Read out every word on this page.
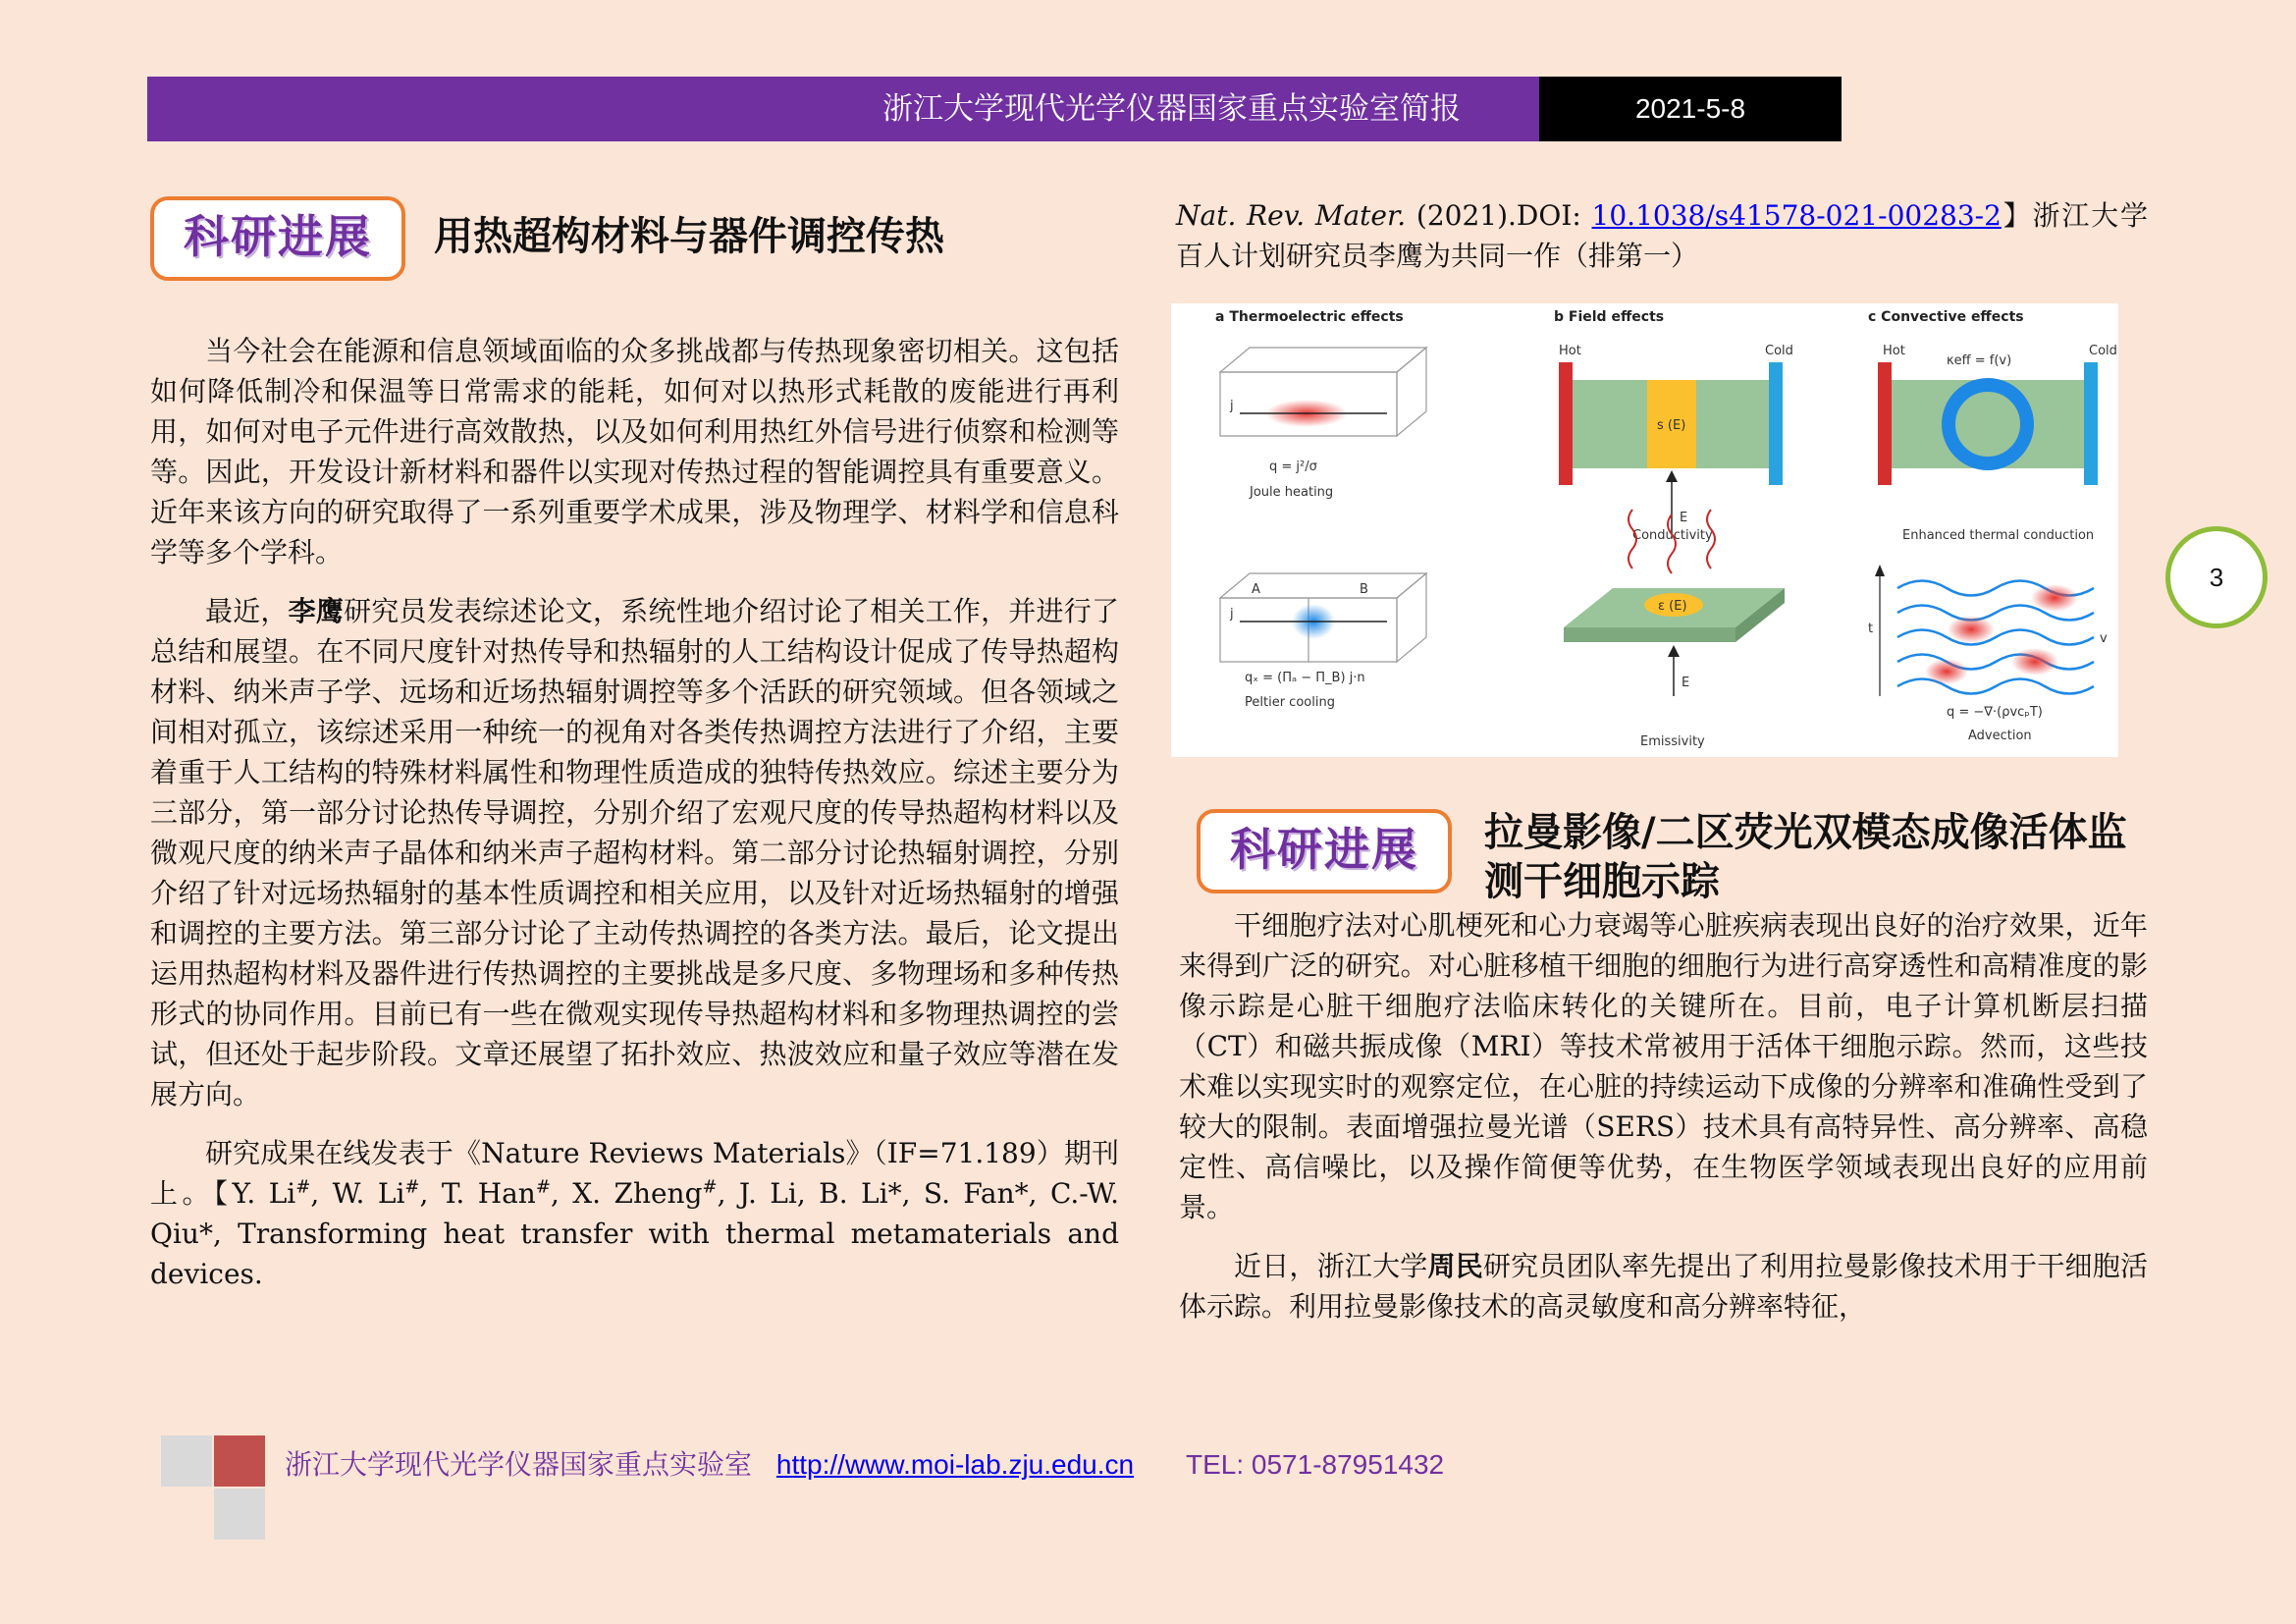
浙江大学现代光学仪器国家重点实验室简报	2021-5-8
科研进展	用热超构材料与器件调控传热

当今社会在能源和信息领域面临的众多挑战都与传热现象密切相关。这包括如何降低制冷和保温等日常需求的能耗，如何对以热形式耗散的废能进行再利用，如何对电子元件进行高效散热，以及如何利用热红外信号进行侦察和检测等等。因此，开发设计新材料和器件以实现对传热过程的智能调控具有重要意义。近年来该方向的研究取得了一系列重要学术成果，涉及物理学、材料学和信息科学等多个学科。

最近，李鹰研究员发表综述论文，系统性地介绍讨论了相关工作，并进行了总结和展望。在不同尺度针对热传导和热辐射的人工结构设计促成了传导热超构材料、纳米声子学、远场和近场热辐射调控等多个活跃的研究领域。但各领域之间相对孤立，该综述采用一种统一的视角对各类传热调控方法进行了介绍，主要着重于人工结构的特殊材料属性和物理性质造成的独特传热效应。综述主要分为三部分，第一部分讨论热传导调控，分别介绍了宏观尺度的传导热超构材料以及微观尺度的纳米声子晶体和纳米声子超构材料。第二部分讨论热辐射调控，分别介绍了针对远场热辐射的基本性质调控和相关应用，以及针对近场热辐射的增强和调控的主要方法。第三部分讨论了主动传热调控的各类方法。最后，论文提出运用热超构材料及器件进行传热调控的主要挑战是多尺度、多物理场和多种传热形式的协同作用。目前已有一些在微观实现传导热超构材料和多物理热调控的尝试，但还处于起步阶段。文章还展望了拓扑效应、热波效应和量子效应等潜在发展方向。

研究成果在线发表于《Nature Reviews Materials》（IF=71.189）期刊上。【Y. Li#, W. Li#, T. Han#, X. Zheng#, J. Li, B. Li*, S. Fan*, C.-W. Qiu*, Transforming heat transfer with thermal metamaterials and devices.

Nat. Rev. Mater. (2021).DOI: 10.1038/s41578-021-00283-2】浙江大学百人计划研究员李鹰为共同一作（排第一）

a Thermoelectric effects	b Field effects	c Convective effects
j
q = j²/σ
Joule heating
j
A	B
qₓ = (Πₐ − Π_B) j·n
Peltier cooling
Hot	Cold
s (E)
E
Conductivity
ε (E)
E
Emissivity
Hot	Cold
κeff = f(v)
Enhanced thermal conduction
t
v
q = −∇·(ρvcₚT)
Advection
3
科研进展	拉曼影像/二区荧光双模态成像活体监
测干细胞示踪

干细胞疗法对心肌梗死和心力衰竭等心脏疾病表现出良好的治疗效果，近年来得到广泛的研究。对心脏移植干细胞的细胞行为进行高穿透性和高精准度的影像示踪是心脏干细胞疗法临床转化的关键所在。目前，电子计算机断层扫描（CT）和磁共振成像（MRI）等技术常被用于活体干细胞示踪。然而，这些技术难以实现实时的观察定位，在心脏的持续运动下成像的分辨率和准确性受到了较大的限制。表面增强拉曼光谱（SERS）技术具有高特异性、高分辨率、高稳定性、高信噪比，以及操作简便等优势，在生物医学领域表现出良好的应用前景。

近日，浙江大学周民研究员团队率先提出了利用拉曼影像技术用于干细胞活体示踪。利用拉曼影像技术的高灵敏度和高分辨率特征，

浙江大学现代光学仪器国家重点实验室 http://www.moi-lab.zju.edu.cn TEL: 0571-87951432
